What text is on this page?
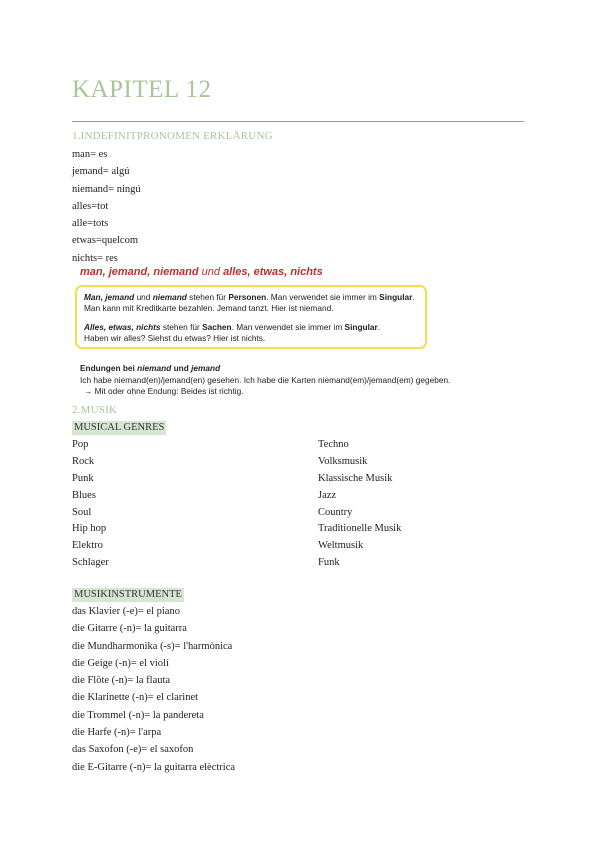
KAPITEL 12
1.INDEFINITPRONOMEN ERKLÄRUNG
man= es
jemand= algú
niemand= ningú
alles=tot
alle=tots
etwas=quelcom
nichts= res
man, jemand, niemand und alles, etwas, nichts

Man, jemand und niemand stehen für Personen. Man verwendet sie immer im Singular.

Man kann mit Kreditkarte bezahlen. Jemand tanzt. Hier ist niemand.

Alles, etwas, nichts stehen für Sachen. Man verwendet sie immer im Singular.

Haben wir alles? Siehst du etwas? Hier ist nichts.

Endungen bei niemand und jemand

Ich habe niemand(en)/jemand(en) gesehen. Ich habe die Karten niemand(em)/jemand(em) gegeben.

→ Mit oder ohne Endung: Beides ist richtig.

2.MUSIK
MUSICAL GENRES
Pop
Rock
Punk
Blues
Soul
Hip hop
Elektro
Schlager
Techno
Volksmusik
Klassische Musik
Jazz
Country
Traditionelle Musik
Weltmusik
Funk
MUSIKINSTRUMENTE
das Klavier (-e)= el piano
die Gitarre (-n)= la guitarra
die Mundharmonika (-s)= l'harmònica
die Geige (-n)= el violí
die Flöte (-n)= la flauta
die Klarinette (-n)= el clarinet
die Trommel (-n)= la pandereta
die Harfe (-n)= l'arpa
das Saxofon (-e)= el saxofon
die E-Gitarre (-n)= la guitarra elèctrica
